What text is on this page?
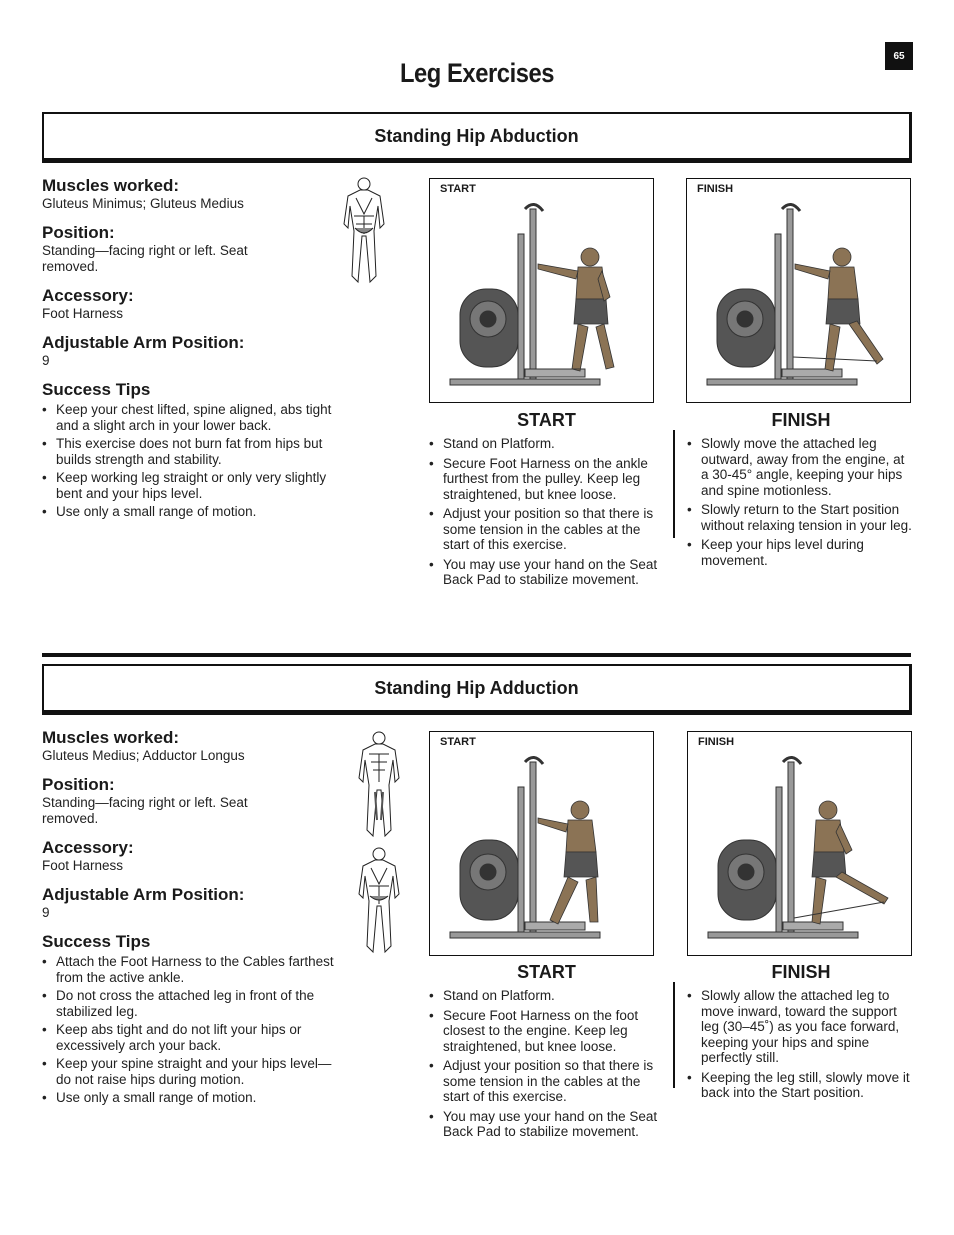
65
Leg Exercises
Standing Hip Abduction
Muscles worked:

Gluteus Minimus; Gluteus Medius

Position:

Standing—facing right or left. Seat removed.

Accessory:

Foot Harness

Adjustable Arm Position:

9

Success Tips
• Keep your chest lifted, spine aligned, abs tight and a slight arch in your lower back.
• This exercise does not burn fat from hips but builds strength and stability.
• Keep working leg straight or only very slightly bent and your hips level.
• Use only a small range of motion.
START	FINISH
START
• Stand on Platform.
• Secure Foot Harness on the ankle furthest from the pulley. Keep leg straightened, but knee loose.
• Adjust your position so that there is some tension in the cables at the start of this exercise.
• You may use your hand on the Seat Back Pad to stabilize movement.
FINISH
• Slowly move the attached leg outward, away from the engine, at a 30-45° angle, keeping your hips and spine motionless.
• Slowly return to the Start position without relaxing tension in your leg.
• Keep your hips level during movement.
Standing Hip Adduction
Muscles worked:

Gluteus Medius; Adductor Longus

Position:

Standing—facing right or left. Seat removed.

Accessory:

Foot Harness

Adjustable Arm Position:

9

Success Tips
• Attach the Foot Harness to the Cables farthest from the active ankle.
• Do not cross the attached leg in front of the stabilized leg.
• Keep abs tight and do not lift your hips or excessively arch your back.
• Keep your spine straight and your hips level—do not raise hips during motion.
• Use only a small range of motion.
START	FINISH
START
• Stand on Platform.
• Secure Foot Harness on the foot closest to the engine. Keep leg straightened, but knee loose.
• Adjust your position so that there is some tension in the cables at the start of this exercise.
• You may use your hand on the Seat Back Pad to stabilize movement.
FINISH
• Slowly allow the attached leg to move inward, toward the support leg (30–45˚) as you face forward, keeping your hips and spine perfectly still.
• Keeping the leg still, slowly move it back into the Start position.
